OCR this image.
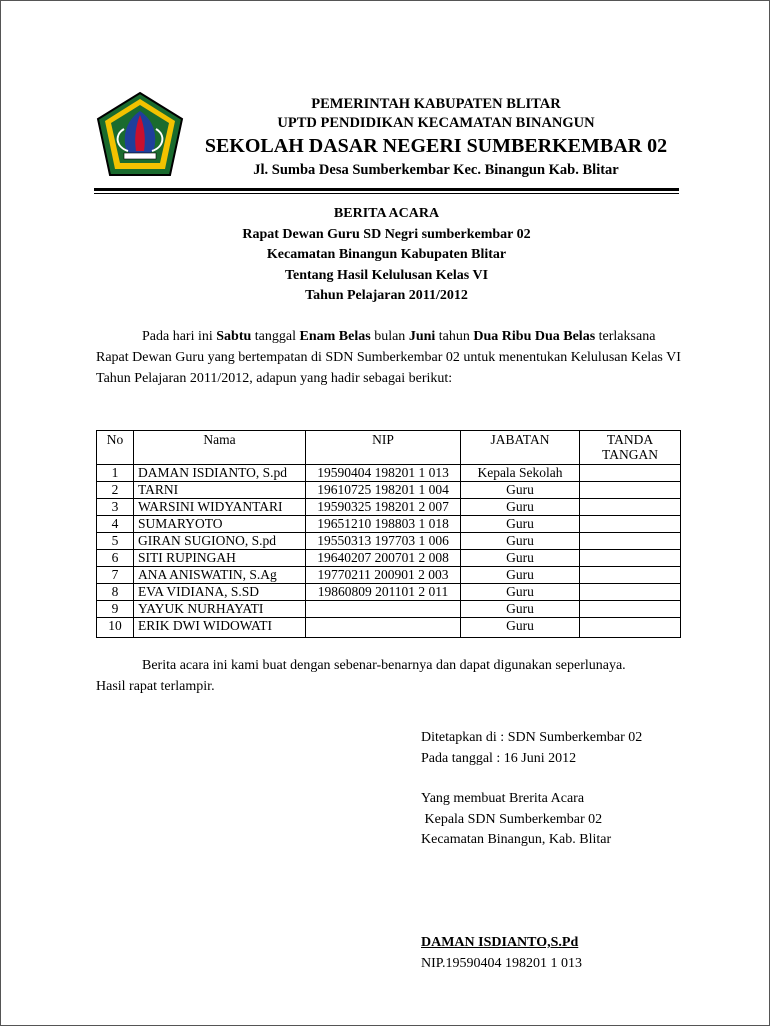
PEMERINTAH KABUPATEN BLITAR
UPTD PENDIDIKAN KECAMATAN BINANGUN
SEKOLAH DASAR NEGERI SUMBERKEMBAR 02
Jl. Sumba Desa Sumberkembar Kec. Binangun Kab. Blitar
BERITA ACARA
Rapat Dewan Guru SD Negri sumberkembar 02
Kecamatan Binangun Kabupaten Blitar
Tentang Hasil Kelulusan Kelas VI
Tahun Pelajaran 2011/2012
Pada hari ini Sabtu tanggal Enam Belas bulan Juni tahun Dua Ribu Dua Belas terlaksana Rapat Dewan Guru yang bertempatan di SDN Sumberkembar 02 untuk menentukan Kelulusan Kelas VI Tahun Pelajaran 2011/2012, adapun yang hadir sebagai berikut:
No	Nama	NIP	JABATAN	TANDA TANGAN
1	DAMAN ISDIANTO, S.pd	19590404 198201 1 013	Kepala Sekolah	
2	TARNI	19610725 198201 1 004	Guru	
3	WARSINI WIDYANTARI	19590325 198201 2 007	Guru	
4	SUMARYOTO	19651210 198803 1 018	Guru	
5	GIRAN SUGIONO, S.pd	19550313 197703 1 006	Guru	
6	SITI RUPINGAH	19640207 200701 2 008	Guru	
7	ANA ANISWATIN, S.Ag	19770211 200901 2 003	Guru	
8	EVA VIDIANA, S.SD	19860809 201101 2 011	Guru	
9	YAYUK NURHAYATI		Guru	
10	ERIK DWI WIDOWATI		Guru	
Berita acara ini kami buat dengan sebenar-benarnya dan dapat digunakan seperlunaya.
Hasil rapat terlampir.
Ditetapkan di : SDN Sumberkembar 02
Pada tanggal : 16 Juni 2012
Yang membuat Brerita Acara
Kepala SDN Sumberkembar 02
Kecamatan Binangun, Kab. Blitar
DAMAN ISDIANTO,S.Pd
NIP.19590404 198201 1 013
